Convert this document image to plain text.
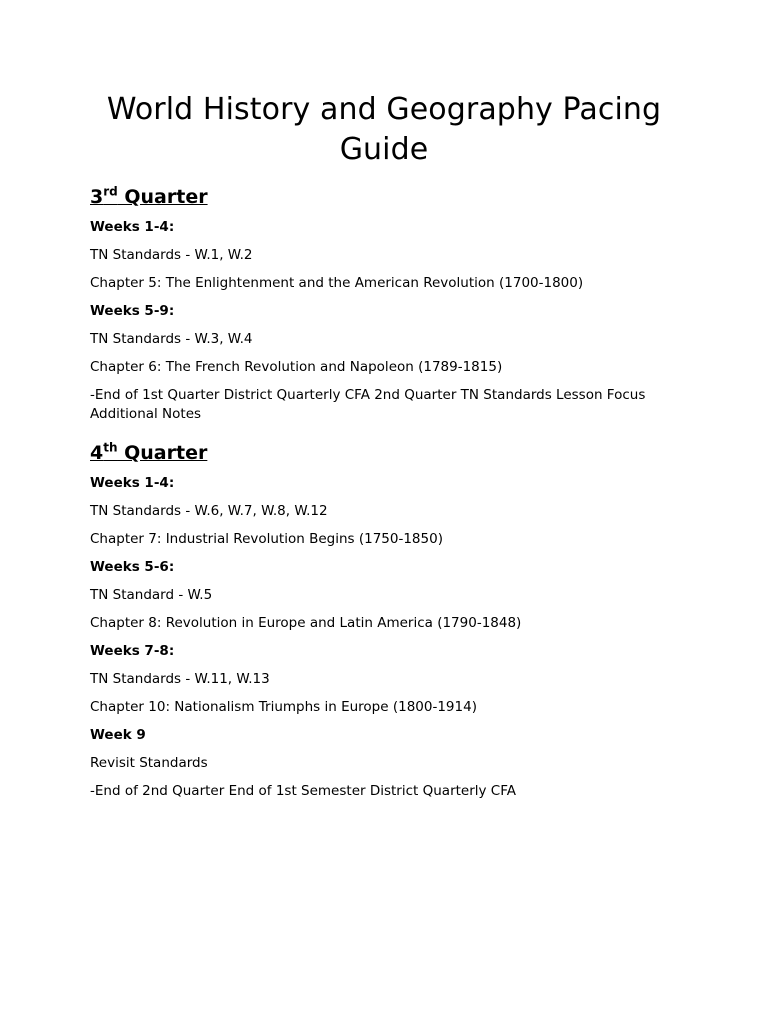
World History and Geography Pacing Guide
3rd Quarter

Weeks 1-4:

TN Standards - W.1, W.2

Chapter 5: The Enlightenment and the American Revolution (1700-1800)

Weeks 5-9:

TN Standards - W.3, W.4

Chapter 6: The French Revolution and Napoleon (1789-1815)

-End of 1st Quarter District Quarterly CFA 2nd Quarter TN Standards Lesson Focus Additional Notes

4th Quarter

Weeks 1-4:

TN Standards - W.6, W.7, W.8, W.12

Chapter 7: Industrial Revolution Begins (1750-1850)

Weeks 5-6:

TN Standard - W.5

Chapter 8: Revolution in Europe and Latin America (1790-1848)

Weeks 7-8:

TN Standards - W.11, W.13

Chapter 10: Nationalism Triumphs in Europe (1800-1914)

Week 9

Revisit Standards

-End of 2nd Quarter End of 1st Semester District Quarterly CFA
